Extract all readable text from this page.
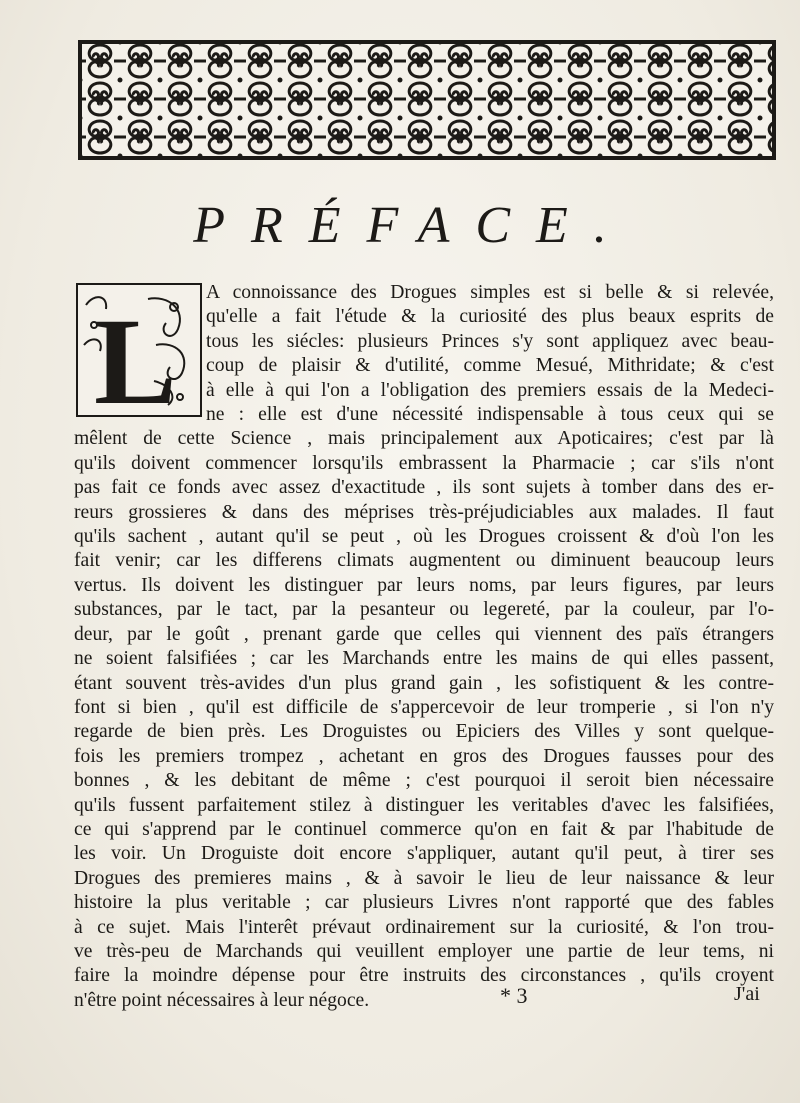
PRÉFACE.
L
A connoissance des Drogues simples est si belle & si relevée,
qu'elle a fait l'étude & la curiosité des plus beaux esprits de
tous les siécles: plusieurs Princes s'y sont appliquez avec beau-
coup de plaisir & d'utilité, comme Mesué, Mithridate; & c'est
à elle à qui l'on a l'obligation des premiers essais de la Medeci-
ne : elle est d'une nécessité indispensable à tous ceux qui se
mêlent de cette Science , mais principalement aux Apoticaires; c'est par là
qu'ils doivent commencer lorsqu'ils embrassent la Pharmacie ; car s'ils n'ont
pas fait ce fonds avec assez d'exactitude , ils sont sujets à tomber dans des er-
reurs grossieres & dans des méprises très-préjudiciables aux malades. Il faut
qu'ils sachent , autant qu'il se peut , où les Drogues croissent & d'où l'on les
fait venir; car les differens climats augmentent ou diminuent beaucoup leurs
vertus. Ils doivent les distinguer par leurs noms, par leurs figures, par leurs
substances, par le tact, par la pesanteur ou legereté, par la couleur, par l'o-
deur, par le goût , prenant garde que celles qui viennent des païs étrangers
ne soient falsifiées ; car les Marchands entre les mains de qui elles passent,
étant souvent très-avides d'un plus grand gain , les sofistiquent & les contre-
font si bien , qu'il est difficile de s'appercevoir de leur tromperie , si l'on n'y
regarde de bien près. Les Droguistes ou Epiciers des Villes y sont quelque-
fois les premiers trompez , achetant en gros des Drogues fausses pour des
bonnes , & les debitant de même ; c'est pourquoi il seroit bien nécessaire
qu'ils fussent parfaitement stilez à distinguer les veritables d'avec les falsifiées,
ce qui s'apprend par le continuel commerce qu'on en fait & par l'habitude de
les voir. Un Droguiste doit encore s'appliquer, autant qu'il peut, à tirer ses
Drogues des premieres mains , & à savoir le lieu de leur naissance & leur
histoire la plus veritable ; car plusieurs Livres n'ont rapporté que des fables
à ce sujet. Mais l'interêt prévaut ordinairement sur la curiosité, & l'on trou-
ve très-peu de Marchands qui veuillent employer une partie de leur tems, ni
faire la moindre dépense pour être instruits des circonstances , qu'ils croyent
n'être point nécessaires à leur négoce.	* 3	J'ai
